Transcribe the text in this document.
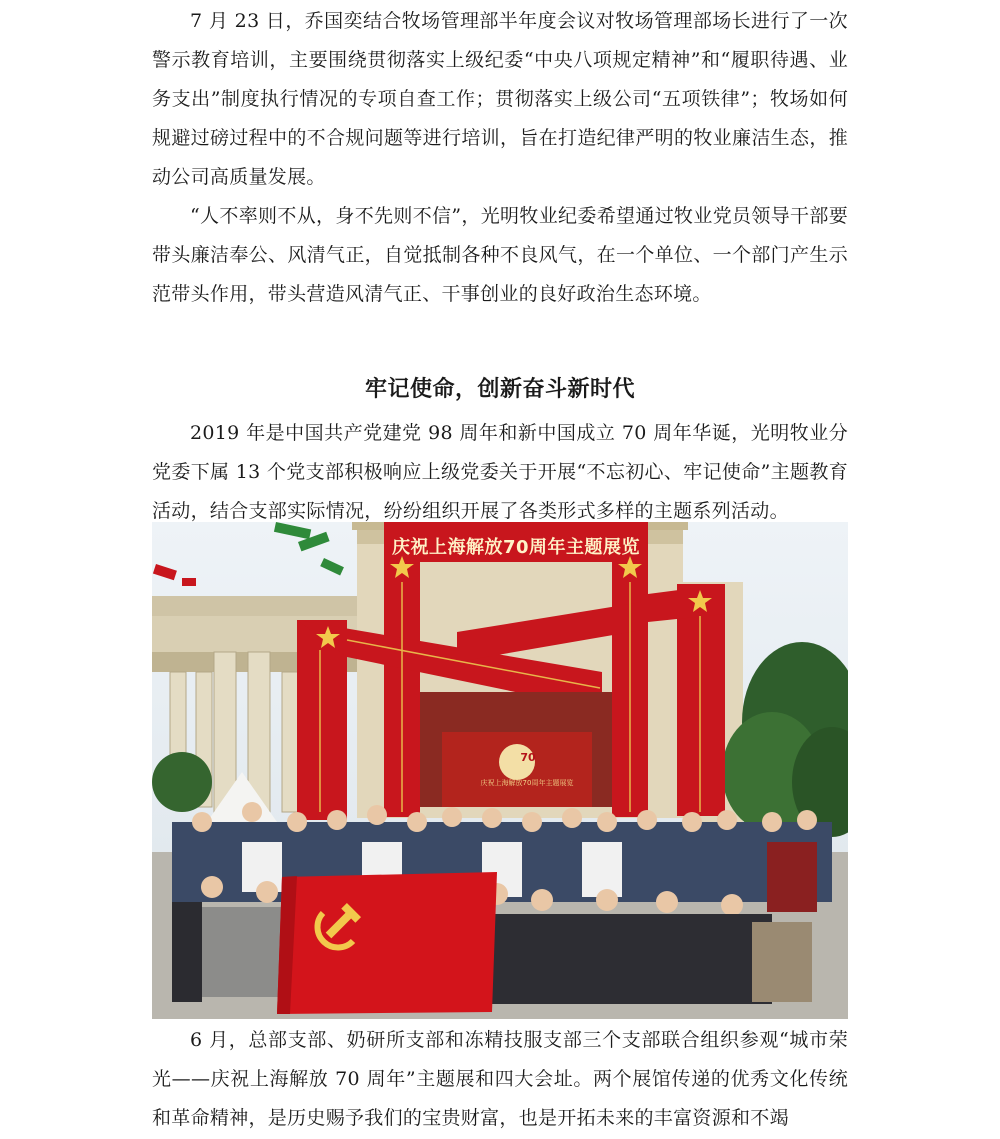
7 月 23 日，乔国奕结合牧场管理部半年度会议对牧场管理部场长进行了一次警示教育培训，主要围绕贯彻落实上级纪委“中央八项规定精神”和“履职待遇、业务支出”制度执行情况的专项自查工作；贯彻落实上级公司“五项铁律”；牧场如何规避过磅过程中的不合规问题等进行培训，旨在打造纪律严明的牧业廉洁生态，推动公司高质量发展。

“人不率则不从，身不先则不信”，光明牧业纪委希望通过牧业党员领导干部要带头廉洁奉公、风清气正，自觉抵制各种不良风气，在一个单位、一个部门产生示范带头作用，带头营造风清气正、干事创业的良好政治生态环境。

牢记使命，创新奋斗新时代

2019 年是中国共产党建党 98 周年和新中国成立 70 周年华诞，光明牧业分党委下属 13 个党支部积极响应上级党委关于开展“不忘初心、牢记使命”主题教育活动，结合支部实际情况，纷纷组织开展了各类形式多样的主题系列活动。

庆祝上海解放70周年主题展览
70
庆祝上海解放70周年主题展览

6 月，总部支部、奶研所支部和冻精技服支部三个支部联合组织参观“城市荣光——庆祝上海解放 70 周年”主题展和四大会址。两个展馆传递的优秀文化传统和革命精神，是历史赐予我们的宝贵财富，也是开拓未来的丰富资源和不竭
